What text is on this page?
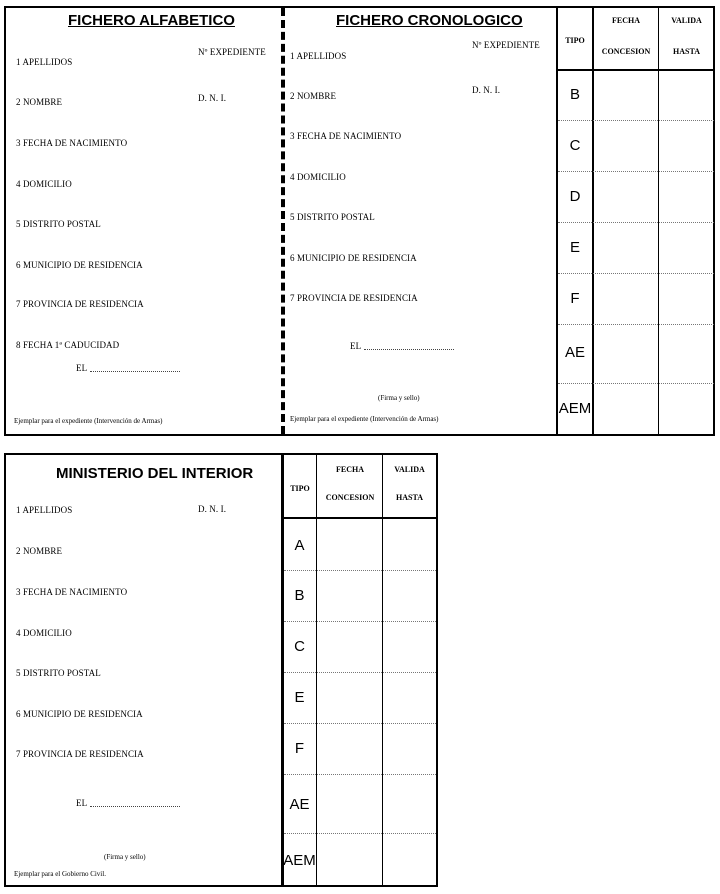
FICHERO ALFABETICO
Nº EXPEDIENTE
D. N. I.
1 APELLIDOS
2 NOMBRE
3 FECHA DE NACIMIENTO
4 DOMICILIO
5 DISTRITO POSTAL
6 MUNICIPIO DE RESIDENCIA
7 PROVINCIA DE RESIDENCIA
8 FECHA 1ª CADUCIDAD
EL
Ejemplar para el expediente (Intervención de Armas)
FICHERO CRONOLOGICO
Nº EXPEDIENTE
D. N. I.
1 APELLIDOS
2 NOMBRE
3 FECHA DE NACIMIENTO
4 DOMICILIO
5 DISTRITO POSTAL
6 MUNICIPIO DE RESIDENCIA
7 PROVINCIA DE RESIDENCIA
EL
(Firma y sello)
Ejemplar para el expediente (Intervención de Armas)
TIPO
FECHA
CONCESION
VALIDA
HASTA
B
C
D
E
F
AE
AEM
MINISTERIO DEL INTERIOR
D. N. I.
1 APELLIDOS
2 NOMBRE
3 FECHA DE NACIMIENTO
4 DOMICILIO
5 DISTRITO POSTAL
6 MUNICIPIO DE RESIDENCIA
7 PROVINCIA DE RESIDENCIA
EL
(Firma y sello)
Ejemplar para el Gobierno Civil.
TIPO
FECHA
CONCESION
VALIDA
HASTA
A
B
C
E
F
AE
AEM
